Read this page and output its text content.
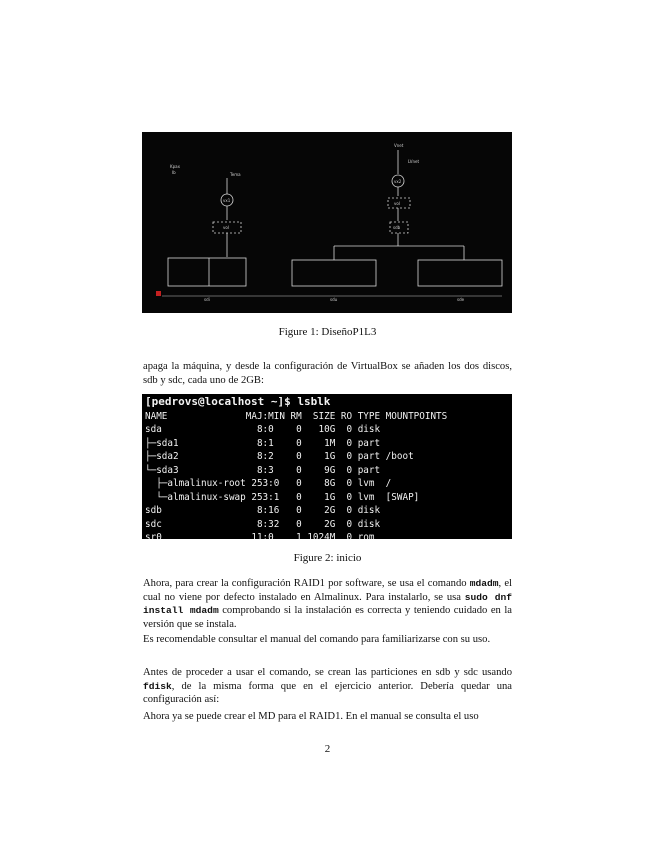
Kpax
Ib	Tema
vx1
vol
Vnet
LVnet
vx2
vol
sdb
sdi	sdu	sde
Figure 1: DiseñoP1L3

apaga la máquina, y desde la configuración de VirtualBox se añaden los dos discos, sdb y sdc, cada uno de 2GB:

[pedrovs@localhost ~]$ lsblk
NAME              MAJ:MIN RM  SIZE RO TYPE MOUNTPOINTS
sda                 8:0    0   10G  0 disk
├─sda1              8:1    0    1M  0 part
├─sda2              8:2    0    1G  0 part /boot
└─sda3              8:3    0    9G  0 part
├─almalinux-root 253:0   0    8G  0 lvm  /
└─almalinux-swap 253:1   0    1G  0 lvm  [SWAP]
sdb                 8:16   0    2G  0 disk
sdc                 8:32   0    2G  0 disk
sr0                11:0    1 1024M  0 rom
Figure 2: inicio

Ahora, para crear la configuración RAID1 por software, se usa el comando mdadm, el cual no viene por defecto instalado en Almalinux. Para instalarlo, se usa sudo dnf install mdadm comprobando si la instalación es correcta y teniendo cuidado en la versión que se instala.

Es recomendable consultar el manual del comando para familiarizarse con su uso.

Antes de proceder a usar el comando, se crean las particiones en sdb y sdc usando fdisk, de la misma forma que en el ejercicio anterior. Debería quedar una configuración así:

Ahora ya se puede crear el MD para el RAID1. En el manual se consulta el uso

2
